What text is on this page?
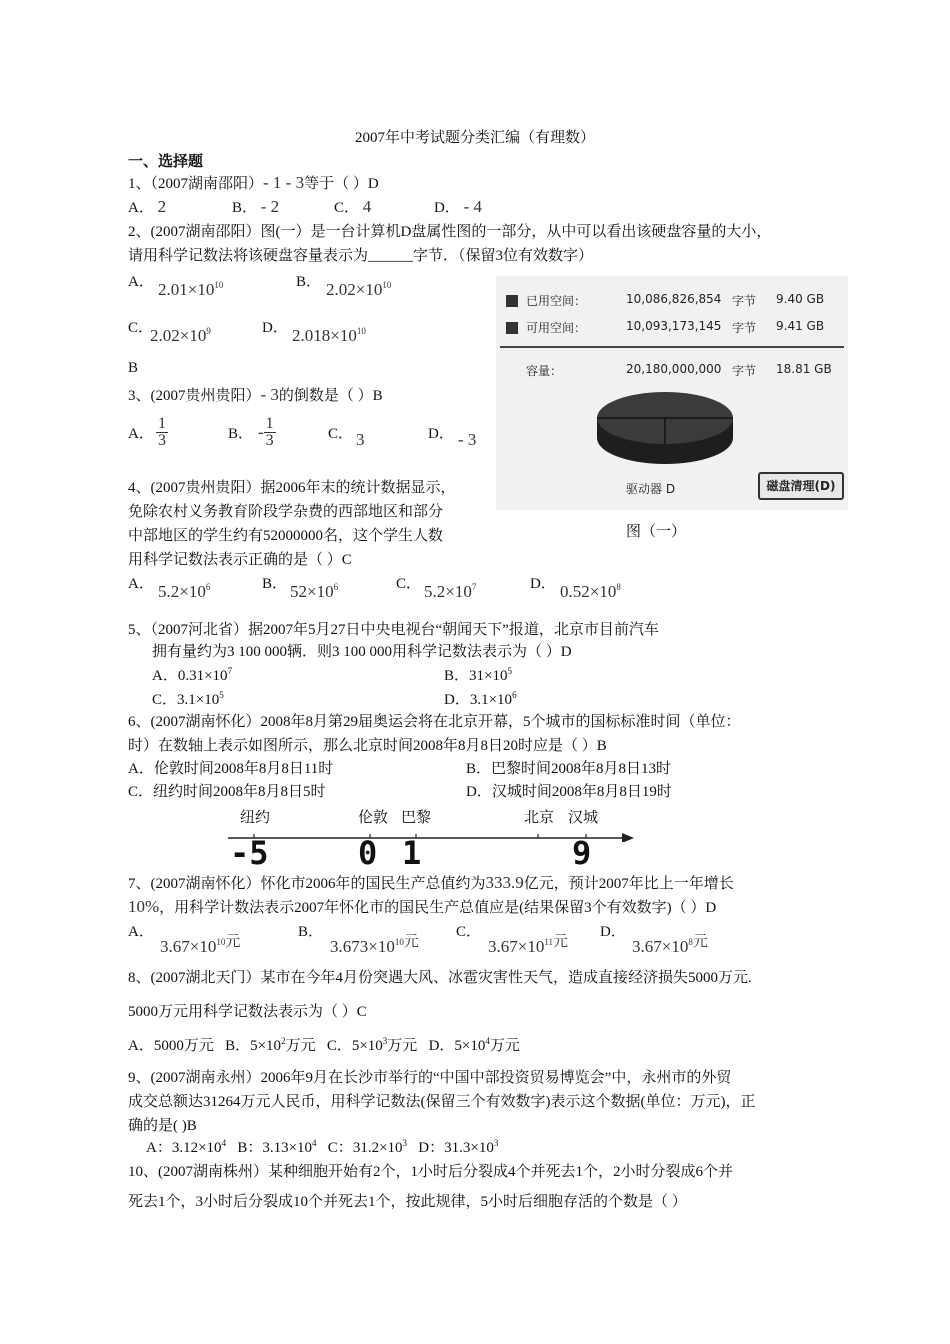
2007年中考试题分类汇编（有理数）
一、选择题
1、（2007湖南邵阳）- 1 - 3等于（ ）D
A． 2	B． - 2	C． 4	D． - 4
2、(2007湖南邵阳）图(一）是一台计算机D盘属性图的一部分，从中可以看出该硬盘容量的大小，
请用科学记数法将该硬盘容量表示为______字节．（保留3位有效数字）
A． $2.01\times 10^{10}$	B． $2.02\times 10^{10}$
C．
$2.02\times 10^9$	D． $2.018\times 10^{10}$
B
已用空间：	10,086,826,854 字节 9.40 GB
可用空间：	10,093,173,145 字节 9.41 GB
容量：	20,180,000,000 字节 18.81 GB
驱动器 D	磁盘清理(D)
图（一）
3、(2007贵州贵阳）- 3的倒数是（ ）B
A． $\frac{1}{3}$	B． - $\frac{1}{3}$	C． 3	D． - 3
4、(2007贵州贵阳）据2006年末的统计数据显示，
免除农村义务教育阶段学杂费的西部地区和部分
中部地区的学生约有52000000名，这个学生人数
用科学记数法表示正确的是（ ）C
A． $5.2\times 10^6$	B． $52\times 10^6$	C． $5.2\times 10^7$	D． $0.52\times 10^8$
5、（2007河北省）据2007年5月27日中央电视台“朝闻天下”报道，北京市目前汽车
拥有量约为3 100 000辆．则3 100 000用科学记数法表示为（ ）D
A．$0.31\times 10^7$	B．$31\times 10^5$
C．$3.1\times 10^5$	D．$3.1\times 10^6$
6、(2007湖南怀化）2008年8月第29届奥运会将在北京开幕，5个城市的国标标准时间（单位：
时）在数轴上表示如图所示，那么北京时间2008年8月8日20时应是（ ）B
A．伦敦时间2008年8月8日11时	B．巴黎时间2008年8月8日13时
C．纽约时间2008年8月8日5时	D．汉城时间2008年8月8日19时
纽约	伦敦 巴黎	北京 汉城
-5	0 1	9
7、(2007湖南怀化）怀化市2006年的国民生产总值约为333.9亿元，预计2007年比上一年增长
10%，用科学计数法表示2007年怀化市的国民生产总值应是(结果保留3个有效数字)（ ）D
A．
$3.67\times 10^{10}$元
B．
$3.673\times 10^{10}$元
C．
$3.67\times 10^{11}$元
D．
$3.67\times 10^8$元
8、(2007湖北天门）某市在今年4月份突遇大风、冰雹灾害性天气，造成直接经济损失5000万元.
5000万元用科学记数法表示为（ ）C
A．5000万元 B．$5\times 10^2$万元 C．$5\times 10^3$万元 D．$5\times 10^4$万元
9、(2007湖南永州）2006年9月在长沙市举行的“中国中部投资贸易博览会”中，永州市的外贸
成交总额达31264万元人民币，用科学记数法(保留三个有效数字)表示这个数据(单位：万元)，正
确的是( )B
A：$3.12\times 10^4$ B：$3.13\times 10^4$ C：$31.2\times 10^3$ D：$31.3\times 10^3$
10、(2007湖南株州）某种细胞开始有2个，1小时后分裂成4个并死去1个，2小时分裂成6个并
死去1个，3小时后分裂成10个并死去1个，按此规律，5小时后细胞存活的个数是（ ）
